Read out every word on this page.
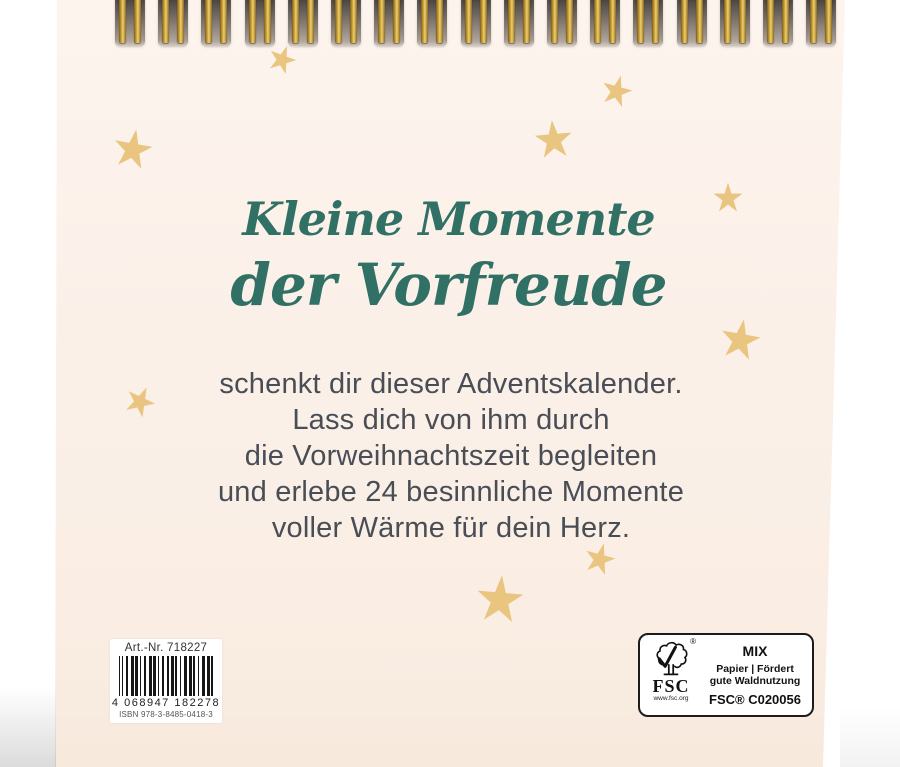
Kleine Momente
der Vorfreude
schenkt dir dieser Adventskalender.
Lass dich von ihm durch
die Vorweihnachtszeit begleiten
und erlebe 24 besinnliche Momente
voller Wärme für dein Herz.
Art.-Nr. 718227
4 068947 182278
ISBN 978-3-8485-0418-3
®
FSC
www.fsc.org
MIX
Papier | Fördert
gute Waldnutzung
FSC® C020056
